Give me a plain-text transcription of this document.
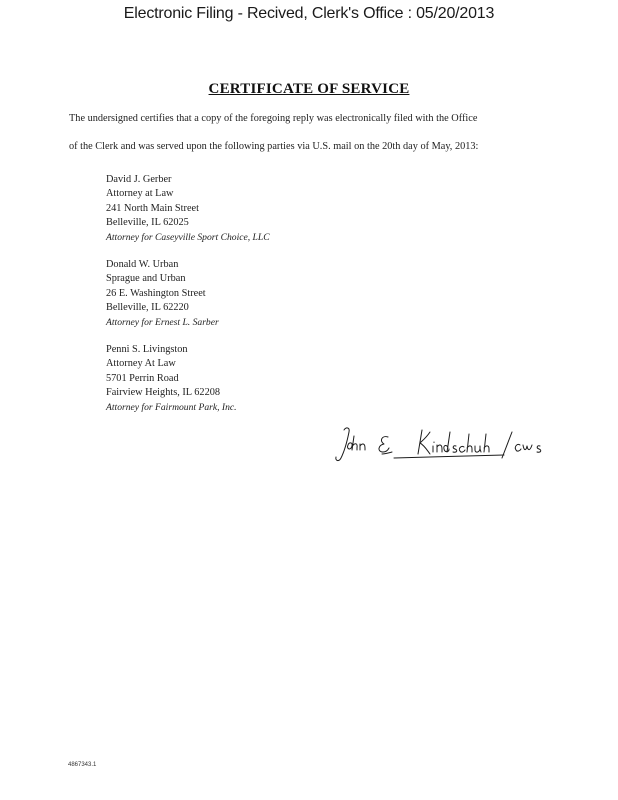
Electronic Filing - Recived, Clerk's Office : 05/20/2013
CERTIFICATE OF SERVICE
The undersigned certifies that a copy of the foregoing reply was electronically filed with the Office
of the Clerk and was served upon the following parties via U.S. mail on the 20th day of May, 2013:
David J. Gerber
Attorney at Law
241 North Main Street
Belleville, IL 62025
Attorney for Caseyville Sport Choice, LLC
Donald W. Urban
Sprague and Urban
26 E. Washington Street
Belleville, IL 62220
Attorney for Ernest L. Sarber
Penni S. Livingston
Attorney At Law
5701 Perrin Road
Fairview Heights, IL 62208
Attorney for Fairmount Park, Inc.
4867343.1
